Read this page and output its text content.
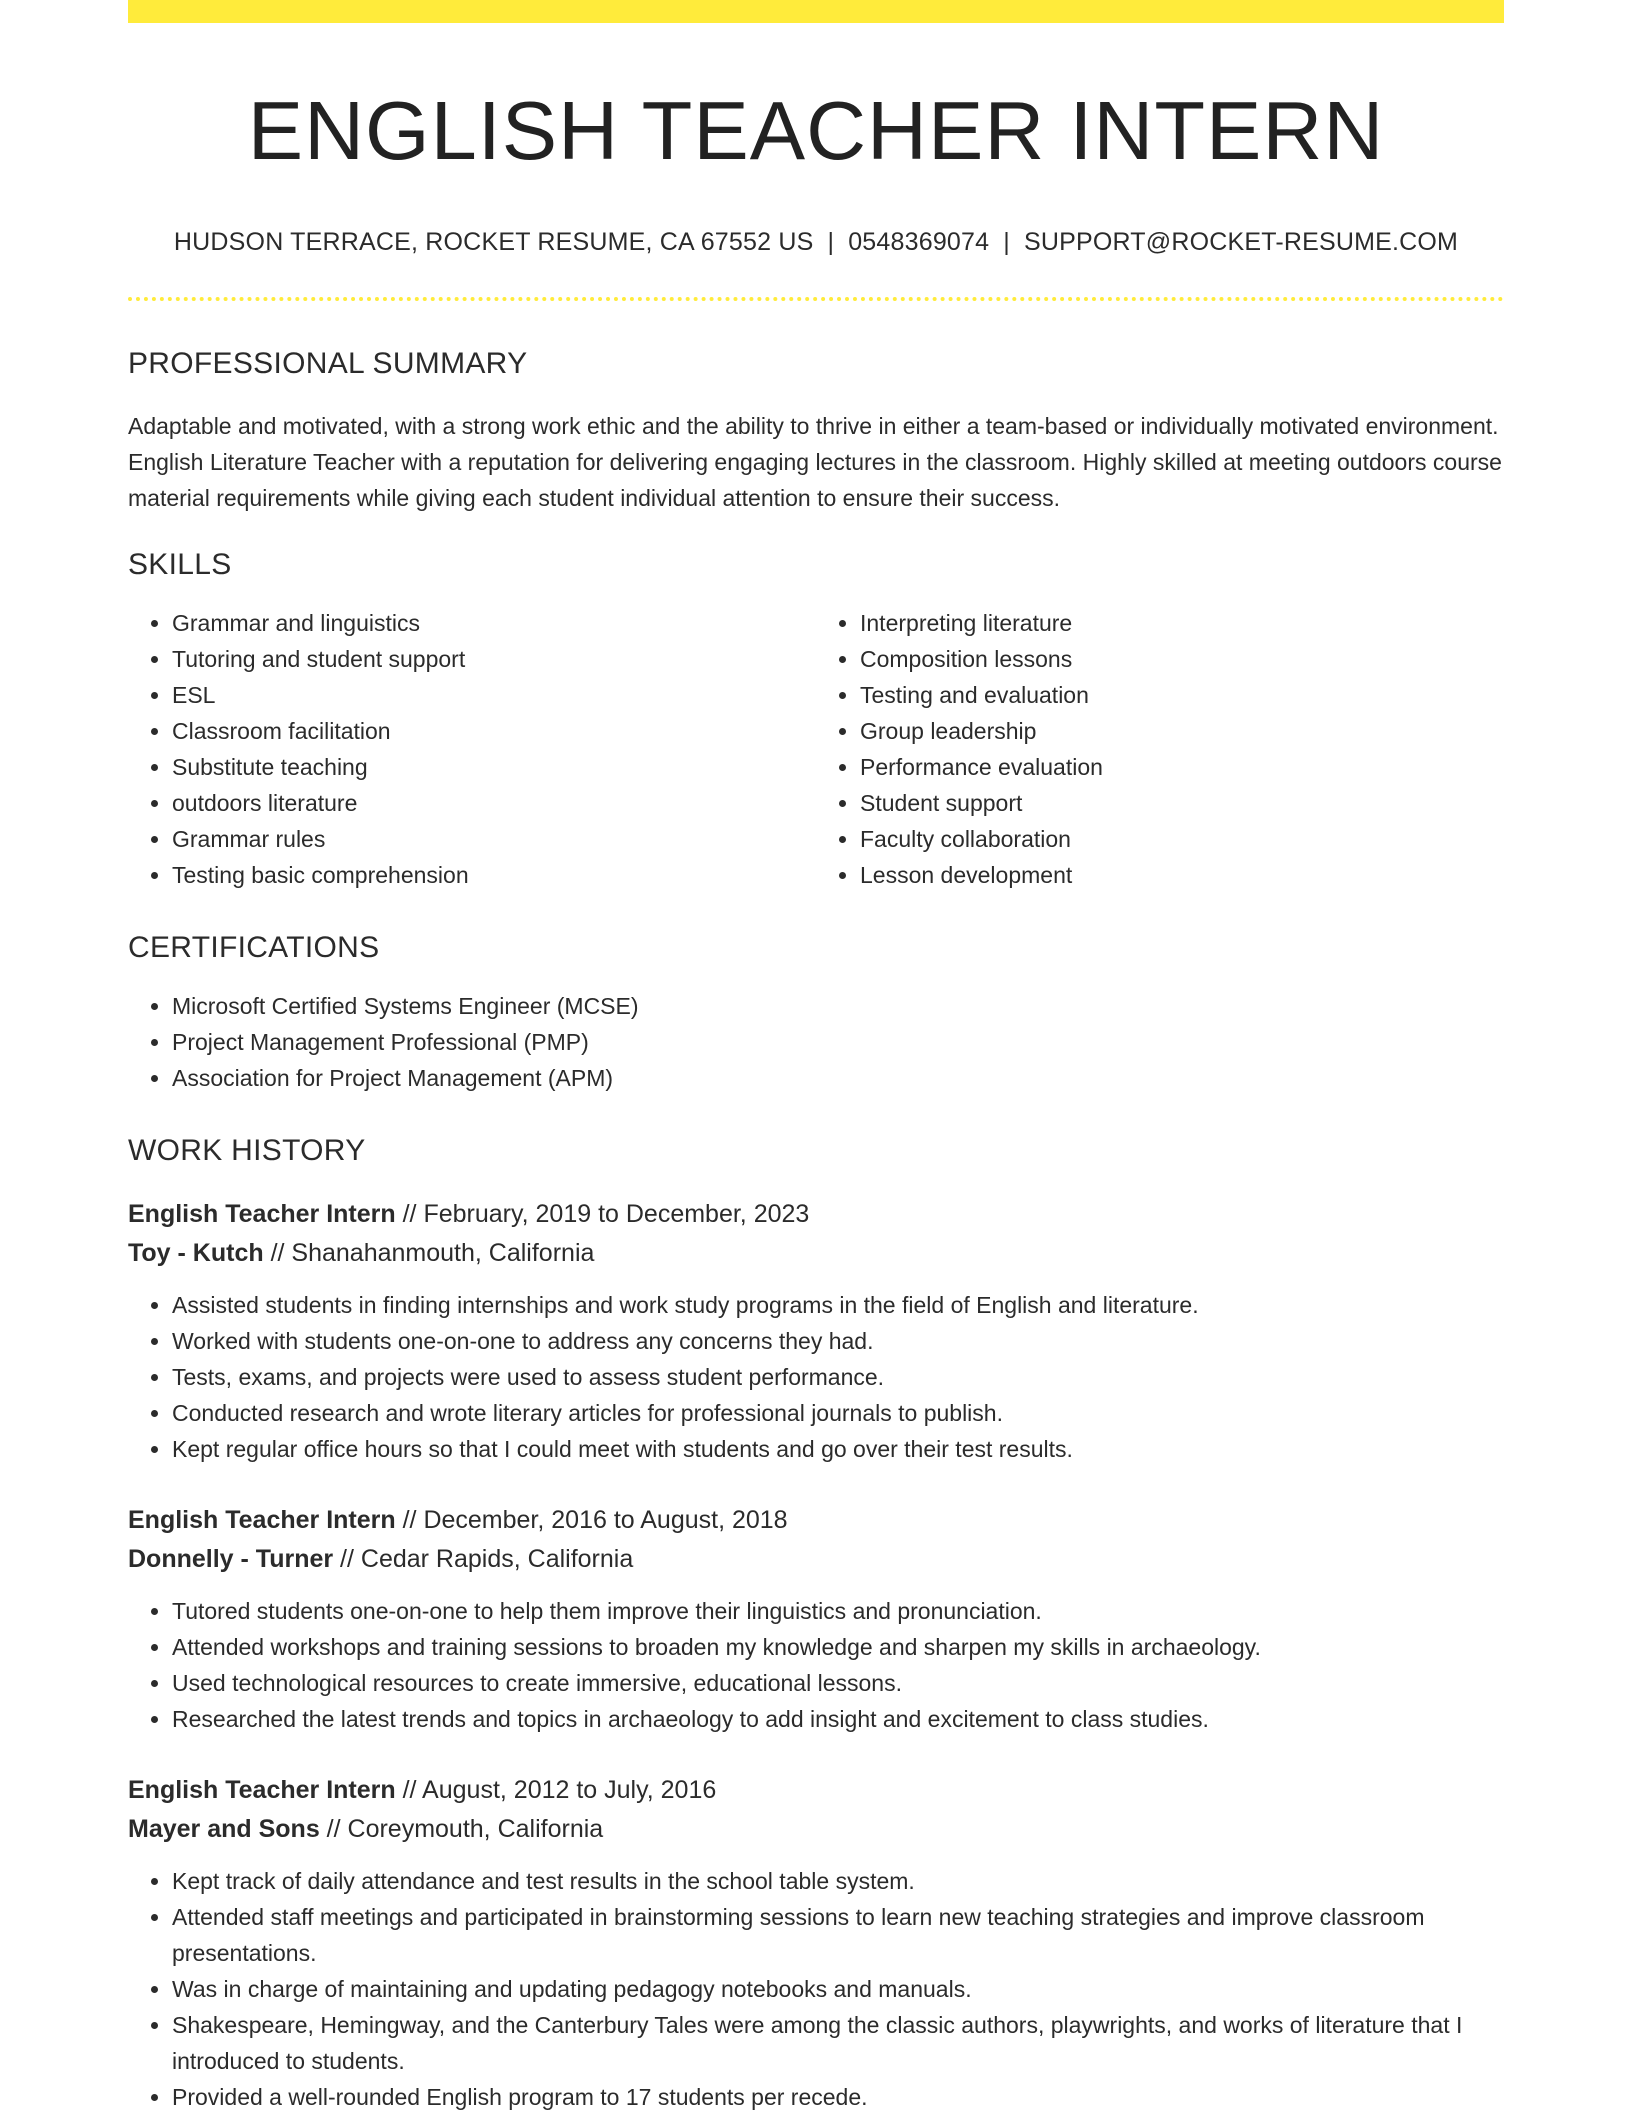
ENGLISH TEACHER INTERN
HUDSON TERRACE, ROCKET RESUME, CA 67552 US | 0548369074 | SUPPORT@ROCKET-RESUME.COM
PROFESSIONAL SUMMARY
Adaptable and motivated, with a strong work ethic and the ability to thrive in either a team-based or individually motivated environment. English Literature Teacher with a reputation for delivering engaging lectures in the classroom. Highly skilled at meeting outdoors course material requirements while giving each student individual attention to ensure their success.
SKILLS
• Grammar and linguistics
• Tutoring and student support
• ESL
• Classroom facilitation
• Substitute teaching
• outdoors literature
• Grammar rules
• Testing basic comprehension
• Interpreting literature
• Composition lessons
• Testing and evaluation
• Group leadership
• Performance evaluation
• Student support
• Faculty collaboration
• Lesson development
CERTIFICATIONS
• Microsoft Certified Systems Engineer (MCSE)
• Project Management Professional (PMP)
• Association for Project Management (APM)
WORK HISTORY
English Teacher Intern // February, 2019 to December, 2023
Toy - Kutch // Shanahanmouth, California
• Assisted students in finding internships and work study programs in the field of English and literature.
• Worked with students one-on-one to address any concerns they had.
• Tests, exams, and projects were used to assess student performance.
• Conducted research and wrote literary articles for professional journals to publish.
• Kept regular office hours so that I could meet with students and go over their test results.
English Teacher Intern // December, 2016 to August, 2018
Donnelly - Turner // Cedar Rapids, California
• Tutored students one-on-one to help them improve their linguistics and pronunciation.
• Attended workshops and training sessions to broaden my knowledge and sharpen my skills in archaeology.
• Used technological resources to create immersive, educational lessons.
• Researched the latest trends and topics in archaeology to add insight and excitement to class studies.
English Teacher Intern // August, 2012 to July, 2016
Mayer and Sons // Coreymouth, California
• Kept track of daily attendance and test results in the school table system.
• Attended staff meetings and participated in brainstorming sessions to learn new teaching strategies and improve classroom presentations.
• Was in charge of maintaining and updating pedagogy notebooks and manuals.
• Shakespeare, Hemingway, and the Canterbury Tales were among the classic authors, playwrights, and works of literature that I introduced to students.
• Provided a well-rounded English program to 17 students per recede.
